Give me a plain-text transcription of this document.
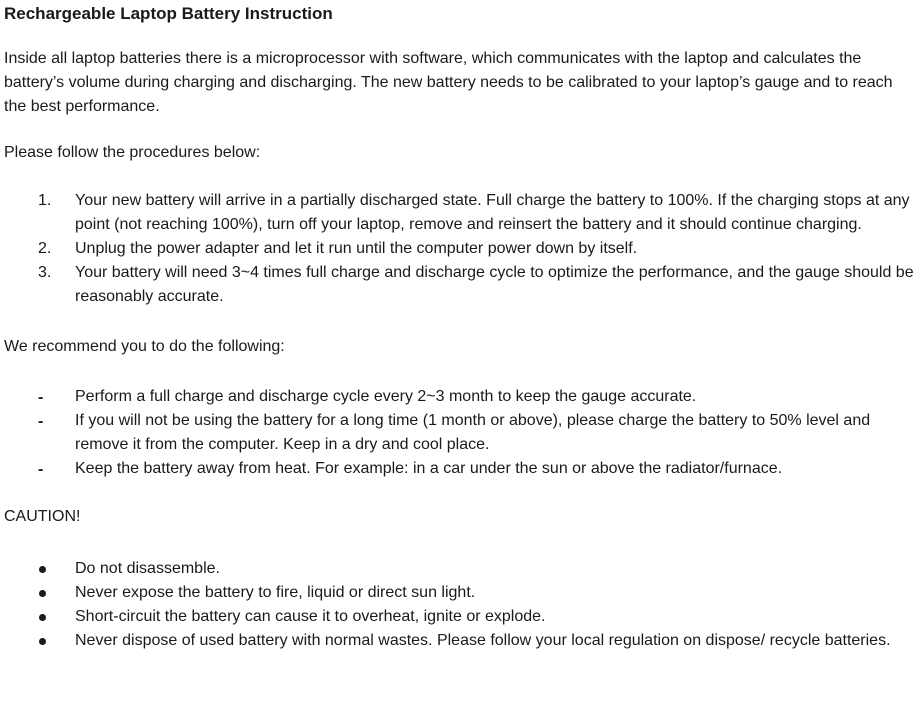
Rechargeable Laptop Battery Instruction

Inside all laptop batteries there is a microprocessor with software, which communicates with the laptop and calculates the battery’s volume during charging and discharging. The new battery needs to be calibrated to your laptop’s gauge and to reach the best performance.

Please follow the procedures below:

1. Your new battery will arrive in a partially discharged state. Full charge the battery to 100%. If the charging stops at any point (not reaching 100%), turn off your laptop, remove and reinsert the battery and it should continue charging.
2. Unplug the power adapter and let it run until the computer power down by itself.
3. Your battery will need 3~4 times full charge and discharge cycle to optimize the performance, and the gauge should be reasonably accurate.

We recommend you to do the following:

- Perform a full charge and discharge cycle every 2~3 month to keep the gauge accurate.
- If you will not be using the battery for a long time (1 month or above), please charge the battery to 50% level and remove it from the computer. Keep in a dry and cool place.
- Keep the battery away from heat. For example: in a car under the sun or above the radiator/furnace.

CAUTION!

Do not disassemble.
Never expose the battery to fire, liquid or direct sun light.
Short-circuit the battery can cause it to overheat, ignite or explode.
Never dispose of used battery with normal wastes. Please follow your local regulation on dispose/ recycle batteries.
